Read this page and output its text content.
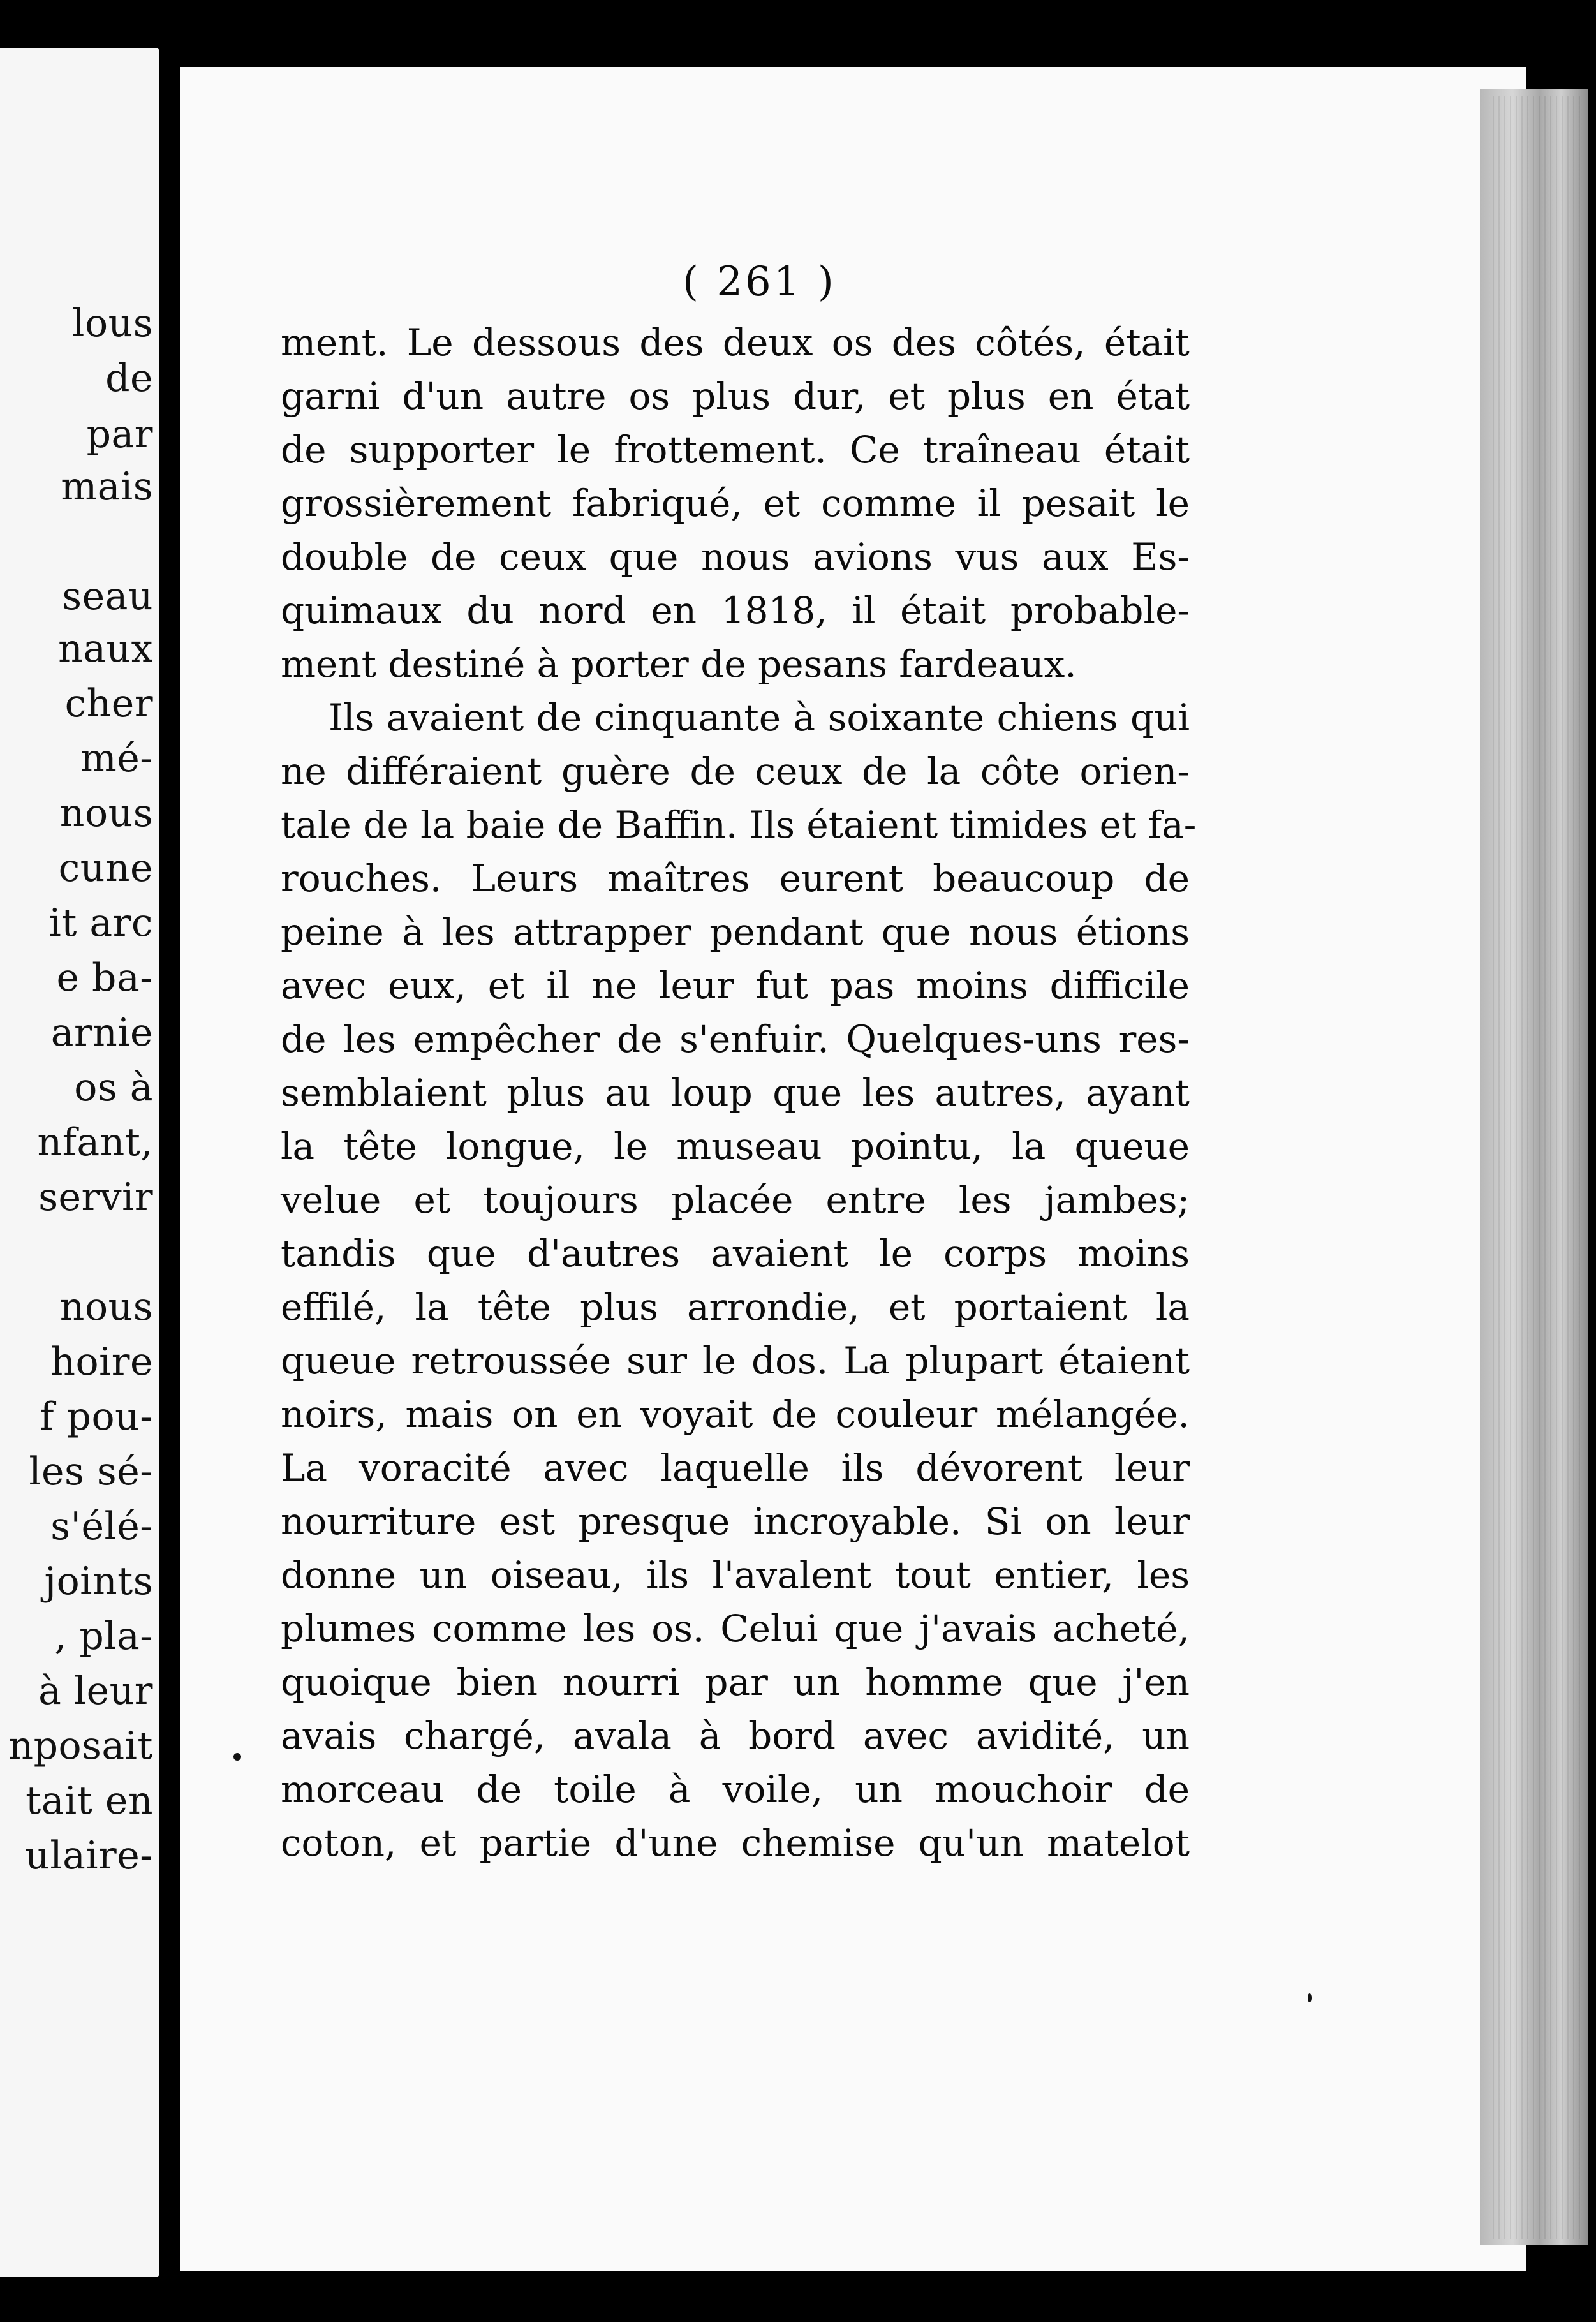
lous
de
par
mais
seau
naux
cher
mé-
nous
cune
it arc
e ba-
arnie
os à
nfant,
servir
nous
hoire
f pou-
les sé-
s'élé-
joints
, pla-
à leur
nposait
tait en
ulaire-
( 261 )
ment. Le dessous des deux os des côtés, était
garni d'un autre os plus dur, et plus en état
de supporter le frottement. Ce traîneau était
grossièrement fabriqué, et comme il pesait le
double de ceux que nous avions vus aux Es-
quimaux du nord en 1818, il était probable-
ment destiné à porter de pesans fardeaux.
Ils avaient de cinquante à soixante chiens qui
ne différaient guère de ceux de la côte orien-
tale de la baie de Baffin. Ils étaient timides et fa-
rouches. Leurs maîtres eurent beaucoup de
peine à les attrapper pendant que nous étions
avec eux, et il ne leur fut pas moins difficile
de les empêcher de s'enfuir. Quelques-uns res-
semblaient plus au loup que les autres, ayant
la tête longue, le museau pointu, la queue
velue et toujours placée entre les jambes;
tandis que d'autres avaient le corps moins
effilé, la tête plus arrondie, et portaient la
queue retroussée sur le dos. La plupart étaient
noirs, mais on en voyait de couleur mélangée.
La voracité avec laquelle ils dévorent leur
nourriture est presque incroyable. Si on leur
donne un oiseau, ils l'avalent tout entier, les
plumes comme les os. Celui que j'avais acheté,
quoique bien nourri par un homme que j'en
avais chargé, avala à bord avec avidité, un
morceau de toile à voile, un mouchoir de
coton, et partie d'une chemise qu'un matelot
